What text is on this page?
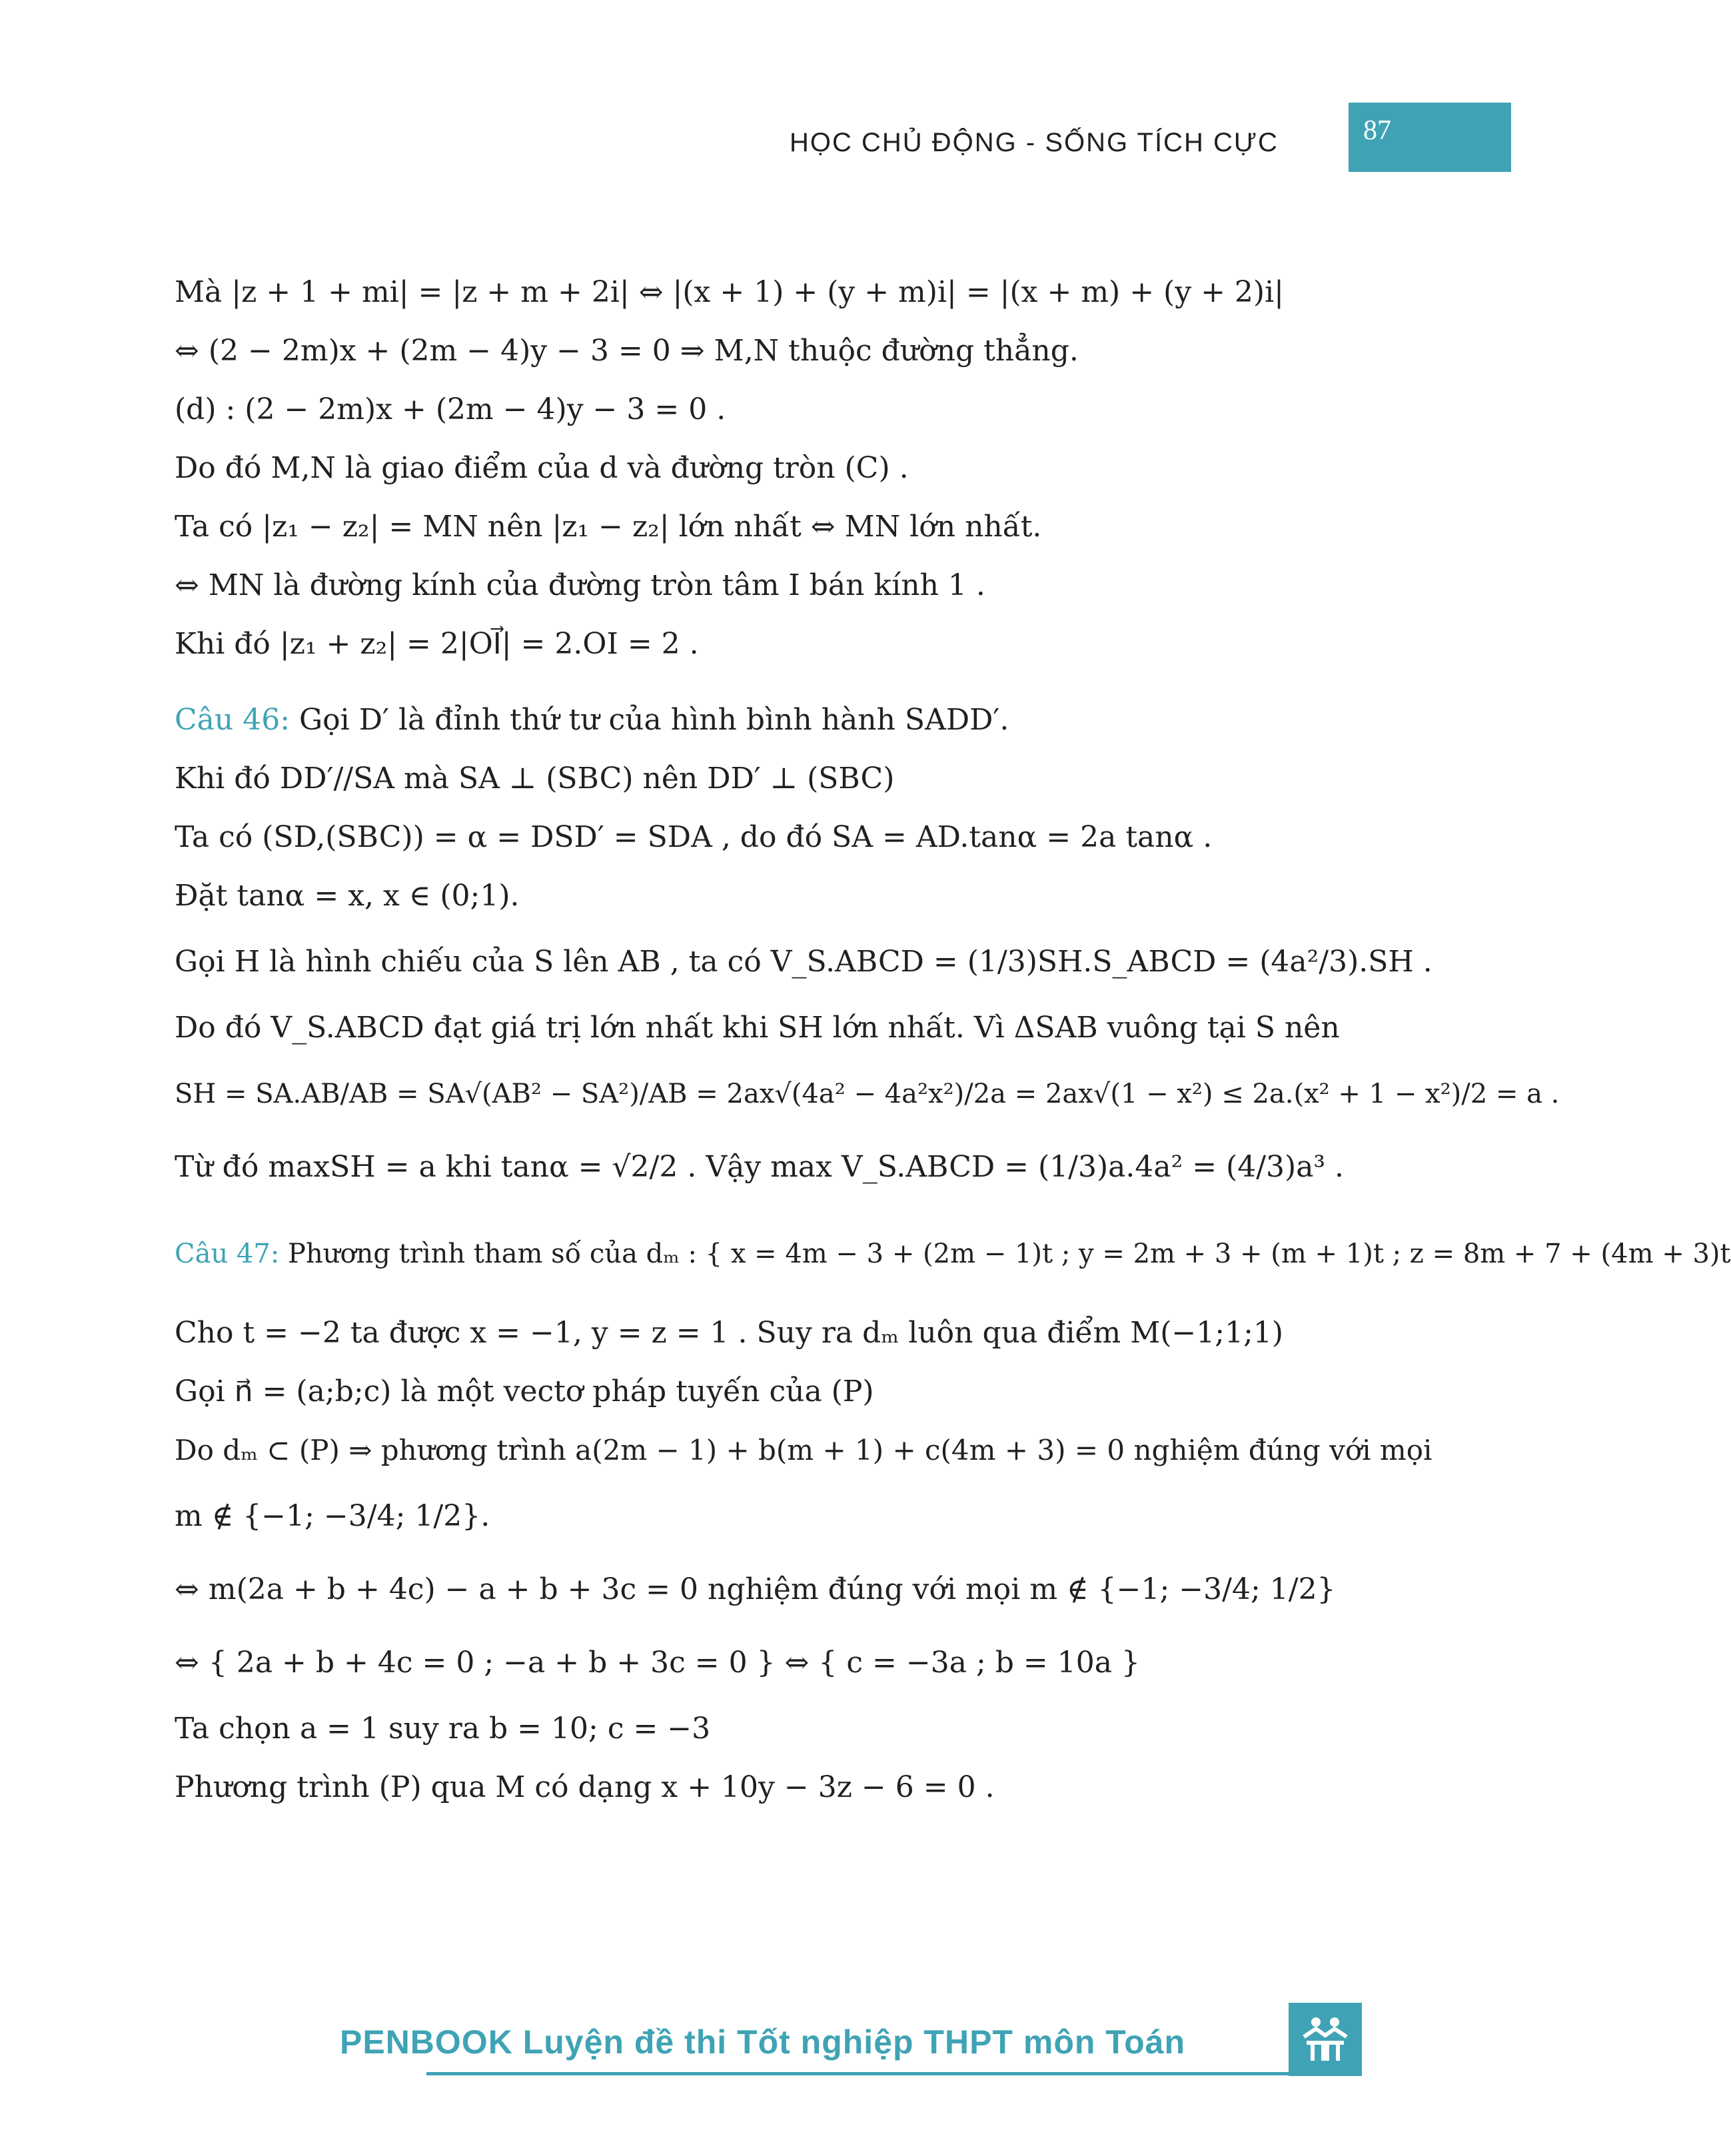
HỌC CHỦ ĐỘNG - SỐNG TÍCH CỰC	87
Mà |z + 1 + mi| = |z + m + 2i| ⇔ |(x + 1) + (y + m)i| = |(x + m) + (y + 2)i|
⇔ (2 − 2m)x + (2m − 4)y − 3 = 0 ⇒ M,N thuộc đường thẳng.
(d) : (2 − 2m)x + (2m − 4)y − 3 = 0 .
Do đó M,N là giao điểm của d và đường tròn (C) .
Ta có |z₁ − z₂| = MN nên |z₁ − z₂| lớn nhất ⇔ MN lớn nhất.
⇔ MN là đường kính của đường tròn tâm I bán kính 1 .
Khi đó |z₁ + z₂| = 2|OI⃗| = 2.OI = 2 .
Câu 46: Gọi D′ là đỉnh thứ tư của hình bình hành SADD′.
Khi đó DD′//SA mà SA ⊥ (SBC) nên DD′ ⊥ (SBC)
Ta có (SD,(SBC)) = α = DSD′ = SDA , do đó SA = AD.tanα = 2a tanα .
Đặt tanα = x, x ∈ (0;1).
Gọi H là hình chiếu của S lên AB , ta có V_S.ABCD = (1/3)SH.S_ABCD = (4a²/3).SH .
Do đó V_S.ABCD đạt giá trị lớn nhất khi SH lớn nhất. Vì ΔSAB vuông tại S nên
SH = SA.AB/AB = SA√(AB² − SA²)/AB = 2ax√(4a² − 4a²x²)/2a = 2ax√(1 − x²) ≤ 2a.(x² + 1 − x²)/2 = a .
Từ đó maxSH = a khi tanα = √2/2 . Vậy max V_S.ABCD = (1/3)a.4a² = (4/3)a³ .
Câu 47: Phương trình tham số của dₘ : { x = 4m − 3 + (2m − 1)t ; y = 2m + 3 + (m + 1)t ; z = 8m + 7 + (4m + 3)t
Cho t = −2 ta được x = −1, y = z = 1 . Suy ra dₘ luôn qua điểm M(−1;1;1)
Gọi n⃗ = (a;b;c) là một vectơ pháp tuyến của (P)
Do dₘ ⊂ (P) ⇒ phương trình a(2m − 1) + b(m + 1) + c(4m + 3) = 0 nghiệm đúng với mọi
m ∉ {−1; −3/4; 1/2}.
⇔ m(2a + b + 4c) − a + b + 3c = 0 nghiệm đúng với mọi m ∉ {−1; −3/4; 1/2}
⇔ { 2a + b + 4c = 0 ; −a + b + 3c = 0 } ⇔ { c = −3a ; b = 10a }
Ta chọn a = 1 suy ra b = 10; c = −3
Phương trình (P) qua M có dạng x + 10y − 3z − 6 = 0 .
PENBOOK Luyện đề thi Tốt nghiệp THPT môn Toán
